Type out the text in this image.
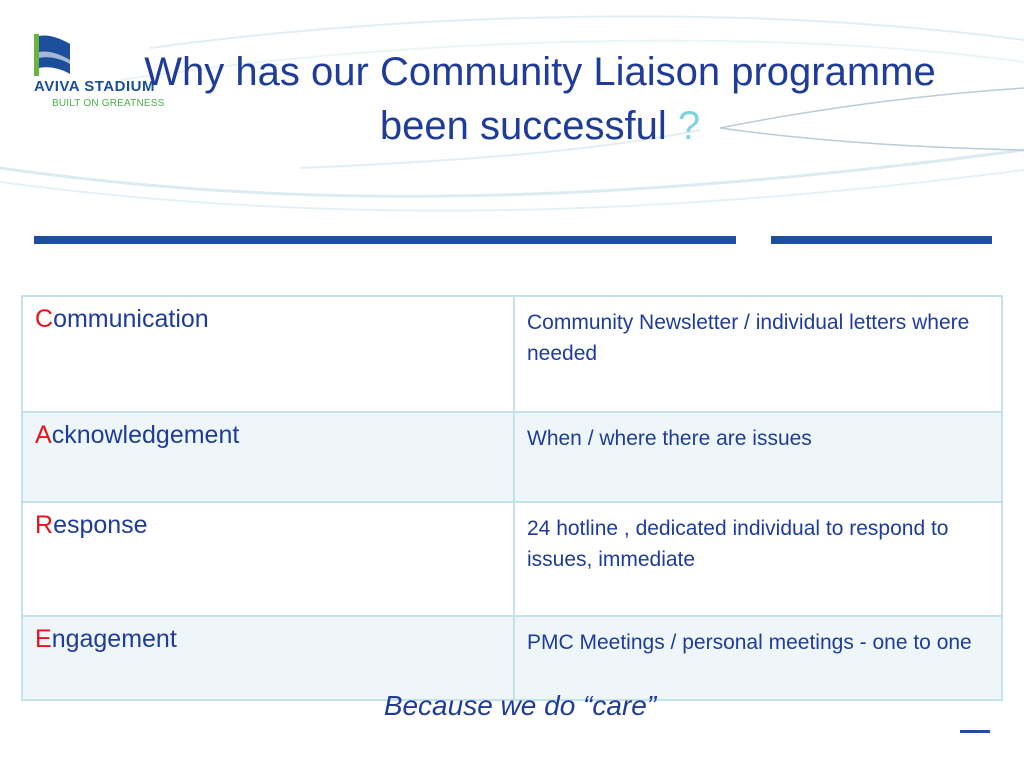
AVIVA STADIUM
BUILT ON GREATNESS
Why has our Community Liaison programme
been successful ?
Communication	Community Newsletter / individual letters where needed
Acknowledgement	When / where there are issues
Response	24 hotline , dedicated individual to respond to issues, immediate
Engagement	PMC Meetings / personal meetings - one to one
Because we do “care”
